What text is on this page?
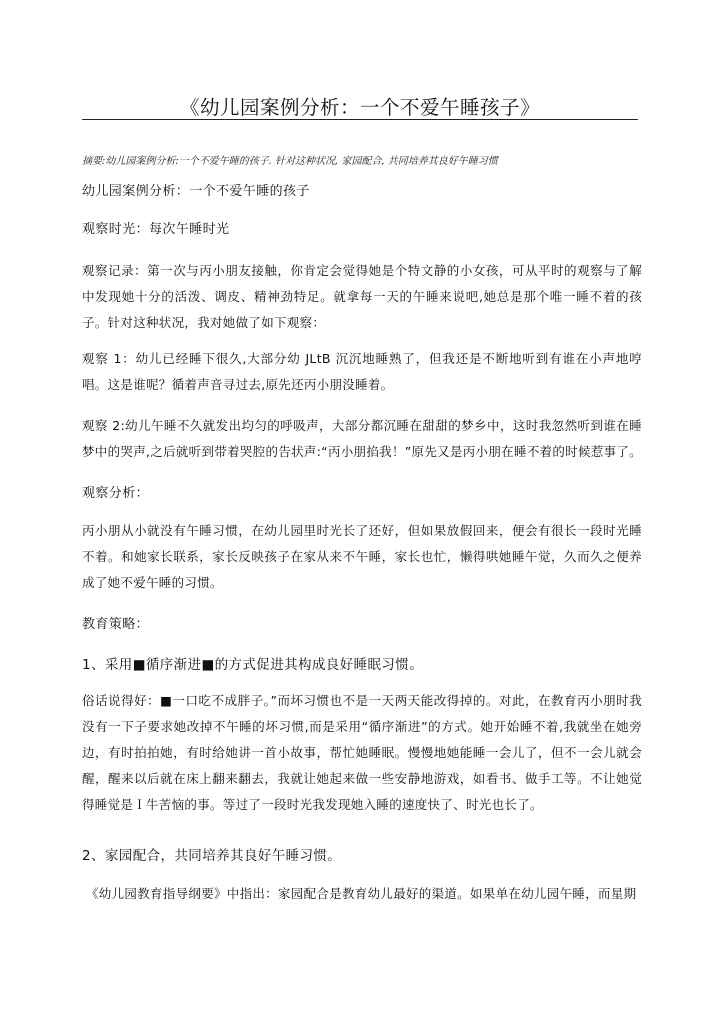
《幼儿园案例分析：一个不爱午睡孩子》
摘要:幼儿园案例分析:一个不爱午睡的孩子. 针对这种状况, 家园配合, 共同培养其良好午睡习惯
幼儿园案例分析：一个不爱午睡的孩子
观察时光：每次午睡时光
观察记录：第一次与丙小朋友接触，你肯定会觉得她是个特文静的小女孩，可从平时的观察与了解中发现她十分的活泼、调皮、精神劲特足。就拿每一天的午睡来说吧,她总是那个唯一睡不着的孩子。针对这种状况，我对她做了如下观察：
观察 1：幼儿已经睡下很久,大部分幼 JLtB 沉沉地睡熟了，但我还是不断地听到有谁在小声地哼唱。这是谁呢？循着声音寻过去,原先还丙小朋没睡着。
观察 2:幼儿午睡不久就发出均匀的呼吸声，大部分都沉睡在甜甜的梦乡中，这时我忽然听到谁在睡梦中的哭声,之后就听到带着哭腔的告状声:“丙小朋掐我！”原先又是丙小朋在睡不着的时候惹事了。
观察分析：
丙小朋从小就没有午睡习惯，在幼儿园里时光长了还好，但如果放假回来，便会有很长一段时光睡不着。和她家长联系，家长反映孩子在家从来不午睡，家长也忙，懒得哄她睡午觉，久而久之便养成了她不爱午睡的习惯。
教育策略：
1、采用■循序渐进■的方式促进其构成良好睡眠习惯。
俗话说得好：■一口吃不成胖子。”而坏习惯也不是一天两天能改得掉的。对此，在教育丙小朋时我没有一下子要求她改掉不午睡的坏习惯,而是采用“循序渐进”的方式。她开始睡不着,我就坐在她旁边，有时拍拍她，有时给她讲一首小故事，帮忙她睡眠。慢慢地她能睡一会儿了，但不一会儿就会醒，醒来以后就在床上翻来翻去，我就让她起来做一些安静地游戏，如看书、做手工等。不让她觉得睡觉是Ｉ牛苦恼的事。等过了一段时光我发现她入睡的速度快了、时光也长了。
2、家园配合，共同培养其良好午睡习惯。
《幼儿园教育指导纲要》中指出：家园配合是教育幼儿最好的渠道。如果单在幼儿园午睡，而星期
